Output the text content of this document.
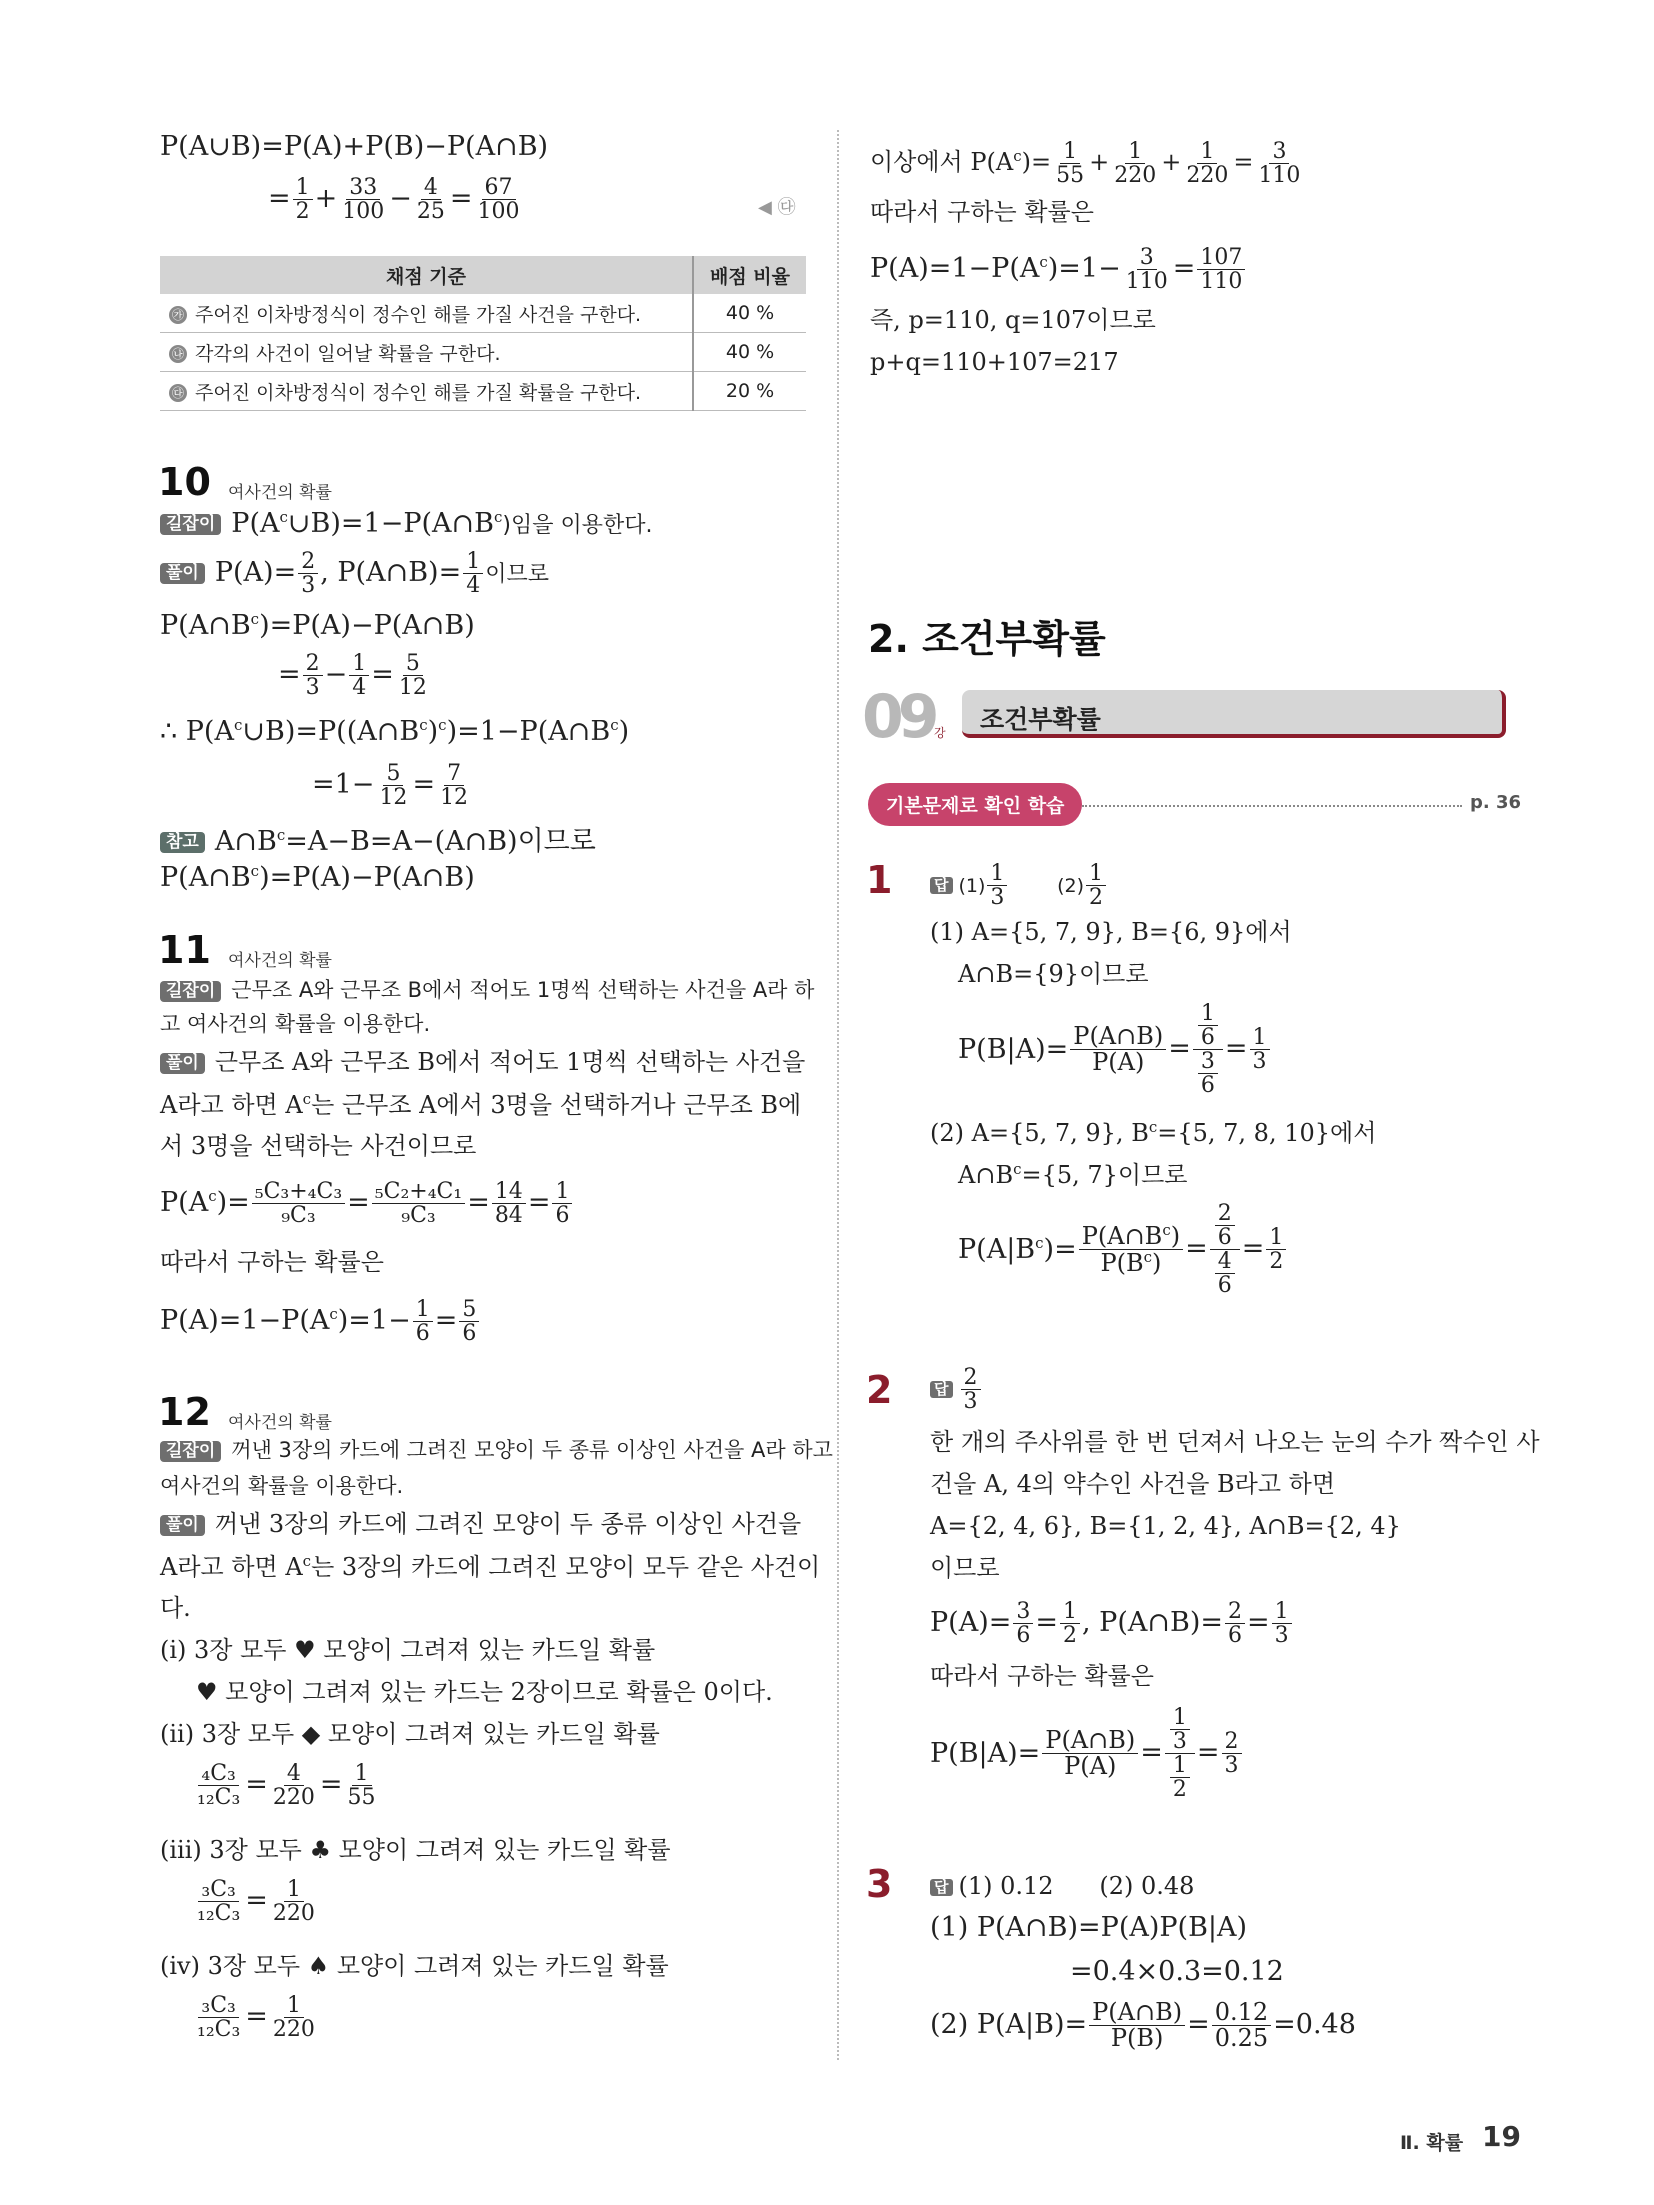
P(A∪B)=P(A)+P(B)−P(A∩B)
= $\frac{1}{2} + \frac{33}{100} - \frac{4}{25} = \frac{67}{100}$	◀ ㉰
채점 기준	배점 비율
㉮ 주어진 이차방정식이 정수인 해를 가질 사건을 구한다.	40 %
㉯ 각각의 사건이 일어날 확률을 구한다.	40 %
㉰ 주어진 이차방정식이 정수인 해를 가질 확률을 구한다.	20 %
10 여사건의 확률
길잡이 $P(A^c\cup B)=1-P(A\cap B^c)$임을 이용한다.
풀이 $P(A)= \frac{2}{3}$ , P(A∩B)= $\frac{1}{4}$ 이므로
$P(A\cap B^c)=P(A)-P(A\cap B)$
= $\frac{2}{3} - \frac{1}{4} = \frac{5}{12}$
∴ $P(A^c\cup B)=P((A\cap B^c)^c)=1-P(A\cap B^c)$
$=1- \frac{5}{12} = \frac{7}{12}$
참고 $A\cap B^c=A-B=A-(A\cap B)$이므로
$P(A\cap B^c)=P(A)-P(A\cap B)$
11 여사건의 확률
길잡이 근무조 A와 근무조 B에서 적어도 1명씩 선택하는 사건을 A라 하
고 여사건의 확률을 이용한다.
풀이 근무조 A와 근무조 B에서 적어도 1명씩 선택하는 사건을
A라고 하면 $A^c$는 근무조 A에서 3명을 선택하거나 근무조 B에
서 3명을 선택하는 사건이므로
$P(A^c)= \frac{\text{₅C₃+₄C₃}}{\text{₉C₃}} = \frac{\text{₅C₂+₄C₁}}{\text{₉C₃}} = \frac{14}{84} = \frac{1}{6}$
따라서 구하는 확률은
$P(A)=1-P(A^c)=1- \frac{1}{6} = \frac{5}{6}$
12 여사건의 확률
길잡이 꺼낸 3장의 카드에 그려진 모양이 두 종류 이상인 사건을 A라 하고
여사건의 확률을 이용한다.
풀이 꺼낸 3장의 카드에 그려진 모양이 두 종류 이상인 사건을
A라고 하면 $A^c$는 3장의 카드에 그려진 모양이 모두 같은 사건이
다.
(ⅰ) 3장 모두 ♥ 모양이 그려져 있는 카드일 확률
♥ 모양이 그려져 있는 카드는 2장이므로 확률은 0이다.
(ⅱ) 3장 모두 ◆ 모양이 그려져 있는 카드일 확률
$\frac{\text{₄C₃}}{\text{₁₂C₃}} = \frac{4}{220} = \frac{1}{55}$
(ⅲ) 3장 모두 ♣ 모양이 그려져 있는 카드일 확률
$\frac{\text{₃C₃}}{\text{₁₂C₃}} = \frac{1}{220}$
(ⅳ) 3장 모두 ♠ 모양이 그려져 있는 카드일 확률
$\frac{\text{₃C₃}}{\text{₁₂C₃}} = \frac{1}{220}$
이상에서 $P(A^c)= \frac{1}{55} + \frac{1}{220} + \frac{1}{220} = \frac{3}{110}$
따라서 구하는 확률은
$P(A)=1-P(A^c)=1- \frac{3}{110} = \frac{107}{110}$
즉, p=110, q=107이므로
p+q=110+107=217
2. 조건부확률
09 강 조건부확률
기본문제로 확인 학습	p. 36
1	답 $(1) \frac{1}{3}$	$(2) \frac{1}{2}$
(1) A={5, 7, 9}, B={6, 9}에서
A∩B={9}이므로
$P(B|A)= \frac{P(A\cap B)}{P(A)} = \frac{\frac{1}{6}}{\frac{3}{6}} = \frac{1}{3}$
(2) A={5, 7, 9}, $B^c=\{5$, 7, 8, 10}에서
$A\cap B^c=\{5$, 7}이므로
$P(A|B^c)= \frac{P(A\cap B^c)}{P(B^c)} = \frac{\frac{2}{6}}{\frac{4}{6}} = \frac{1}{2}$
2	답 $\frac{2}{3}$
한 개의 주사위를 한 번 던져서 나오는 눈의 수가 짝수인 사
건을 A, 4의 약수인 사건을 B라고 하면
A={2, 4, 6}, B={1, 2, 4}, A∩B={2, 4}
이므로
$P(A)= \frac{3}{6} = \frac{1}{2}$ , P(A∩B)= $\frac{2}{6} = \frac{1}{3}$
따라서 구하는 확률은
$P(B|A)= \frac{P(A\cap B)}{P(A)} = \frac{\frac{1}{3}}{\frac{1}{2}} = \frac{2}{3}$
3	답 (1) 0.12      (2) 0.48
(1) P(A∩B)=P(A)P(B|A)
=0.4×0.3=0.12
(2) $P(A|B)= \frac{P(A\cap B)}{P(B)} = \frac{0.12}{0.25} =0.48$
Ⅱ. 확률 19
